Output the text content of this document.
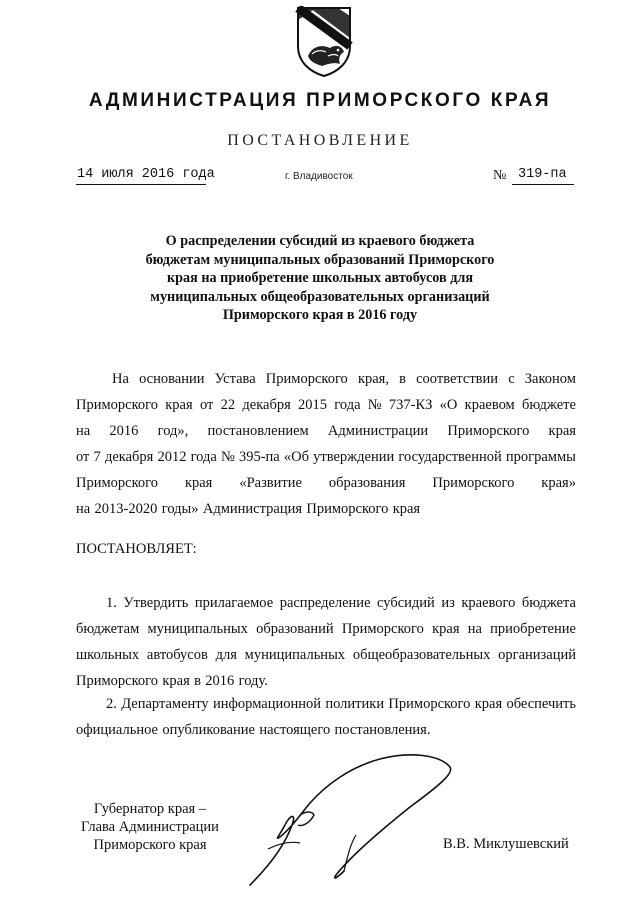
АДМИНИСТРАЦИЯ ПРИМОРСКОГО КРАЯ
ПОСТАНОВЛЕНИЕ
14 июля 2016 года	г. Владивосток	№ 319-па
О распределении субсидий из краевого бюджета
бюджетам муниципальных образований Приморского
края на приобретение школьных автобусов для
муниципальных общеобразовательных организаций
Приморского края в 2016 году
На основании Устава Приморского края, в соответствии с Законом
Приморского края от 22 декабря 2015 года № 737-КЗ «О краевом бюджете
на 2016 год», постановлением Администрации Приморского края
от 7 декабря 2012 года № 395-па «Об утверждении государственной программы
Приморского края «Развитие образования Приморского края»
на 2013-2020 годы» Администрация Приморского края
ПОСТАНОВЛЯЕТ:
1. Утвердить прилагаемое распределение субсидий из краевого бюджета
бюджетам муниципальных образований Приморского края на приобретение
школьных автобусов для муниципальных общеобразовательных организаций
Приморского края в 2016 году.
2. Департаменту информационной политики Приморского края обеспечить
официальное опубликование настоящего постановления.
Губернатор края –
Глава Администрации
Приморского края	В.В. Миклушевский
